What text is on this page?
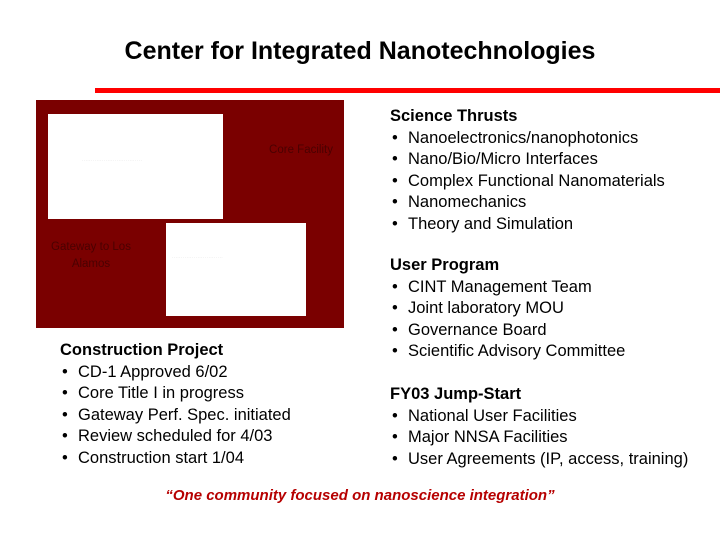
Center for Integrated Nanotechnologies
· · · · · · · · · · · · · · · · · · · · · · · · · · · · · · · · ·
· · · · · · · · · · · · · · · · · · · · · · · · · · · ·
Core Facility
Gateway to Los Alamos
Construction Project
• CD-1 Approved 6/02
• Core Title I in progress
• Gateway Perf. Spec. initiated
• Review scheduled for 4/03
• Construction start 1/04
Science Thrusts
• Nanoelectronics/nanophotonics
• Nano/Bio/Micro Interfaces
• Complex Functional Nanomaterials
• Nanomechanics
• Theory and Simulation
User Program
• CINT Management Team
• Joint laboratory MOU
• Governance Board
• Scientific Advisory Committee
FY03 Jump-Start
• National User Facilities
• Major NNSA Facilities
• User Agreements (IP, access, training)
“One community focused on nanoscience integration”
